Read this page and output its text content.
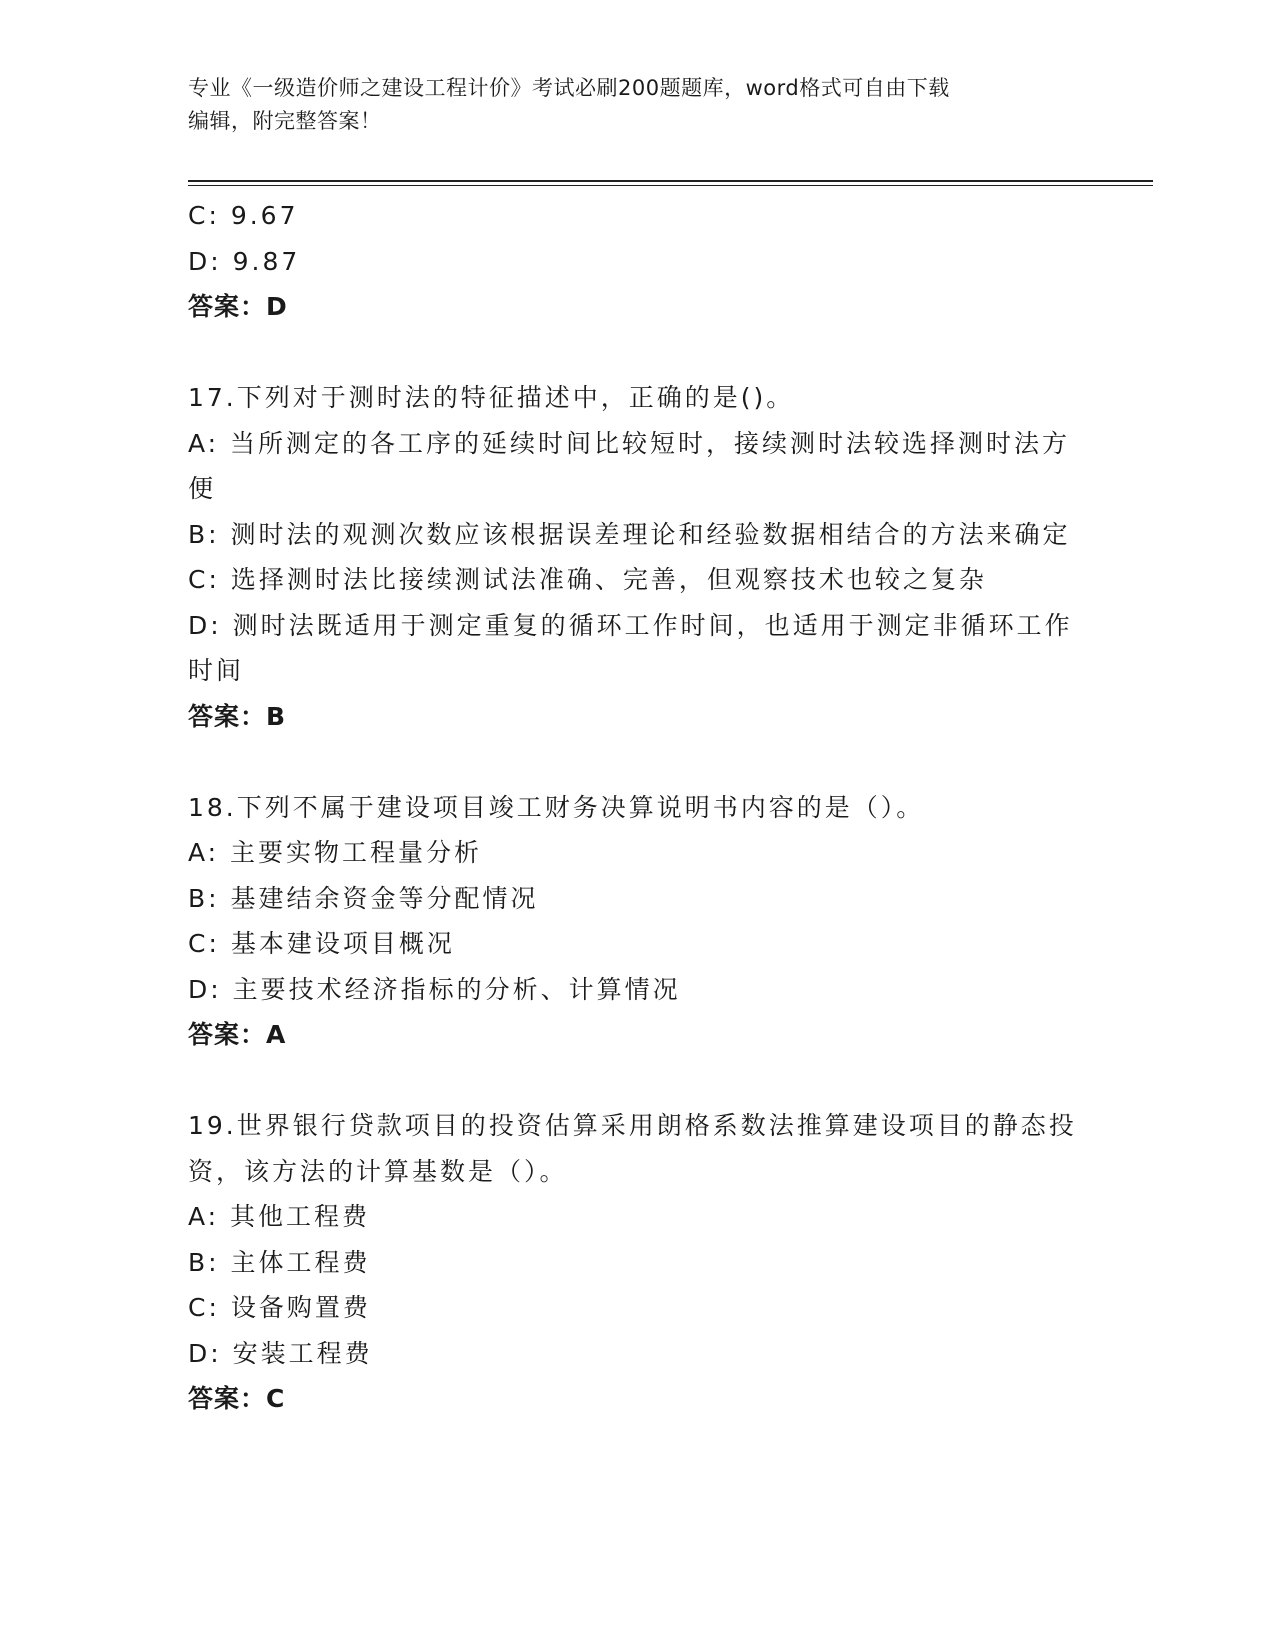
专业《一级造价师之建设工程计价》考试必刷200题题库，word格式可自由下载
编辑，附完整答案！

C: 9.67

D: 9.87

答案：D

17.下列对于测时法的特征描述中，正确的是()。

A: 当所测定的各工序的延续时间比较短时，接续测时法较选择测时法方便

B: 测时法的观测次数应该根据误差理论和经验数据相结合的方法来确定

C: 选择测时法比接续测试法准确、完善，但观察技术也较之复杂

D: 测时法既适用于测定重复的循环工作时间，也适用于测定非循环工作时间

答案：B

18.下列不属于建设项目竣工财务决算说明书内容的是（）。

A: 主要实物工程量分析

B: 基建结余资金等分配情况

C: 基本建设项目概况

D: 主要技术经济指标的分析、计算情况

答案：A

19.世界银行贷款项目的投资估算采用朗格系数法推算建设项目的静态投资，该方法的计算基数是（）。

A: 其他工程费

B: 主体工程费

C: 设备购置费

D: 安装工程费

答案：C
